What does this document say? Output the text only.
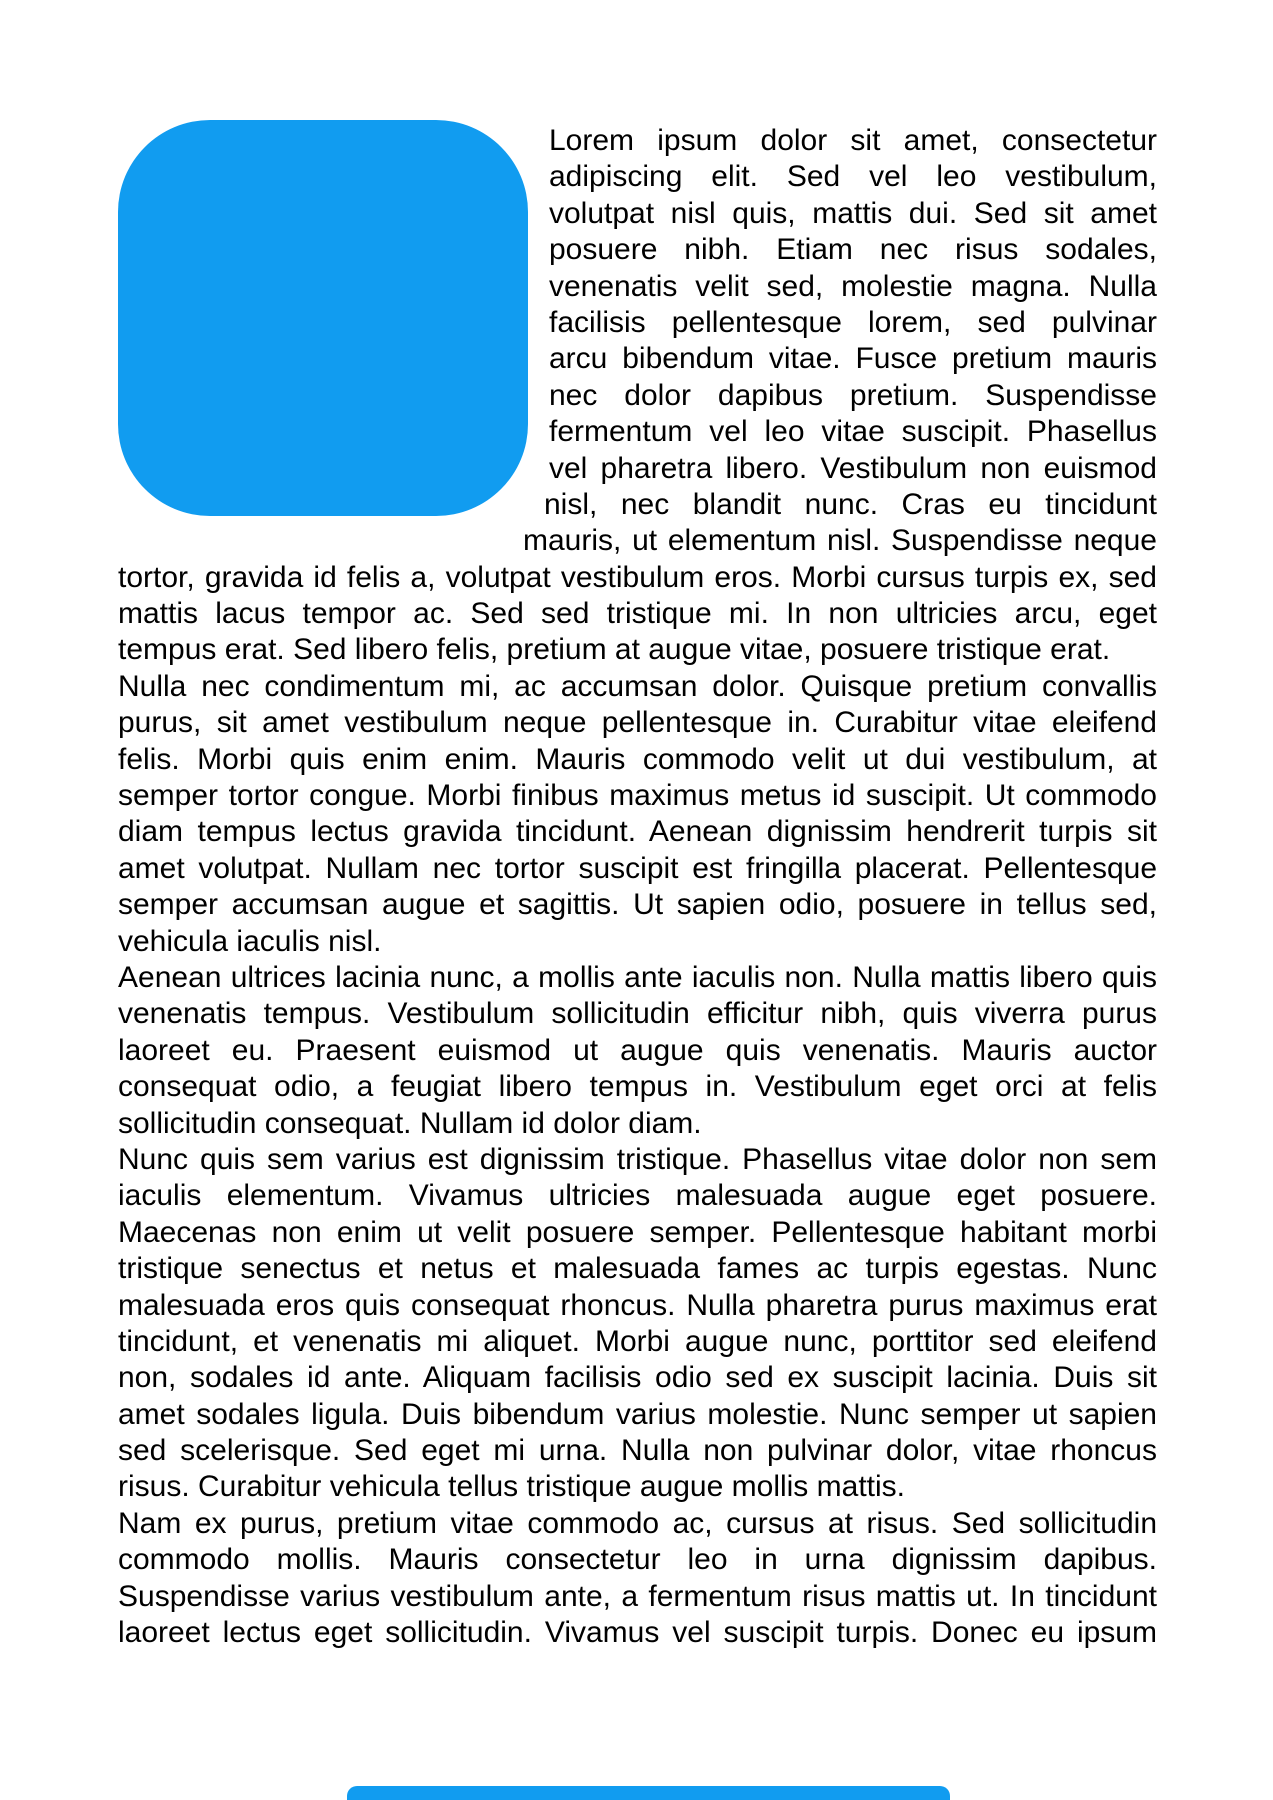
Lorem ipsum dolor sit amet, consectetur
adipiscing elit. Sed vel leo vestibulum,
volutpat nisl quis, mattis dui. Sed sit amet
posuere nibh. Etiam nec risus sodales,
venenatis velit sed, molestie magna. Nulla
facilisis pellentesque lorem, sed pulvinar
arcu bibendum vitae. Fusce pretium mauris
nec dolor dapibus pretium. Suspendisse
fermentum vel leo vitae suscipit. Phasellus
vel pharetra libero. Vestibulum non euismod
nisl, nec blandit nunc. Cras eu tincidunt
mauris, ut elementum nisl. Suspendisse neque
tortor, gravida id felis a, volutpat vestibulum eros. Morbi cursus turpis ex, sed
mattis lacus tempor ac. Sed sed tristique mi. In non ultricies arcu, eget
tempus erat. Sed libero felis, pretium at augue vitae, posuere tristique erat.
Nulla nec condimentum mi, ac accumsan dolor. Quisque pretium convallis
purus, sit amet vestibulum neque pellentesque in. Curabitur vitae eleifend
felis. Morbi quis enim enim. Mauris commodo velit ut dui vestibulum, at
semper tortor congue. Morbi finibus maximus metus id suscipit. Ut commodo
diam tempus lectus gravida tincidunt. Aenean dignissim hendrerit turpis sit
amet volutpat. Nullam nec tortor suscipit est fringilla placerat. Pellentesque
semper accumsan augue et sagittis. Ut sapien odio, posuere in tellus sed,
vehicula iaculis nisl.
Aenean ultrices lacinia nunc, a mollis ante iaculis non. Nulla mattis libero quis
venenatis tempus. Vestibulum sollicitudin efficitur nibh, quis viverra purus
laoreet eu. Praesent euismod ut augue quis venenatis. Mauris auctor
consequat odio, a feugiat libero tempus in. Vestibulum eget orci at felis
sollicitudin consequat. Nullam id dolor diam.
Nunc quis sem varius est dignissim tristique. Phasellus vitae dolor non sem
iaculis elementum. Vivamus ultricies malesuada augue eget posuere.
Maecenas non enim ut velit posuere semper. Pellentesque habitant morbi
tristique senectus et netus et malesuada fames ac turpis egestas. Nunc
malesuada eros quis consequat rhoncus. Nulla pharetra purus maximus erat
tincidunt, et venenatis mi aliquet. Morbi augue nunc, porttitor sed eleifend
non, sodales id ante. Aliquam facilisis odio sed ex suscipit lacinia. Duis sit
amet sodales ligula. Duis bibendum varius molestie. Nunc semper ut sapien
sed scelerisque. Sed eget mi urna. Nulla non pulvinar dolor, vitae rhoncus
risus. Curabitur vehicula tellus tristique augue mollis mattis.
Nam ex purus, pretium vitae commodo ac, cursus at risus. Sed sollicitudin
commodo mollis. Mauris consectetur leo in urna dignissim dapibus.
Suspendisse varius vestibulum ante, a fermentum risus mattis ut. In tincidunt
laoreet lectus eget sollicitudin. Vivamus vel suscipit turpis. Donec eu ipsum
